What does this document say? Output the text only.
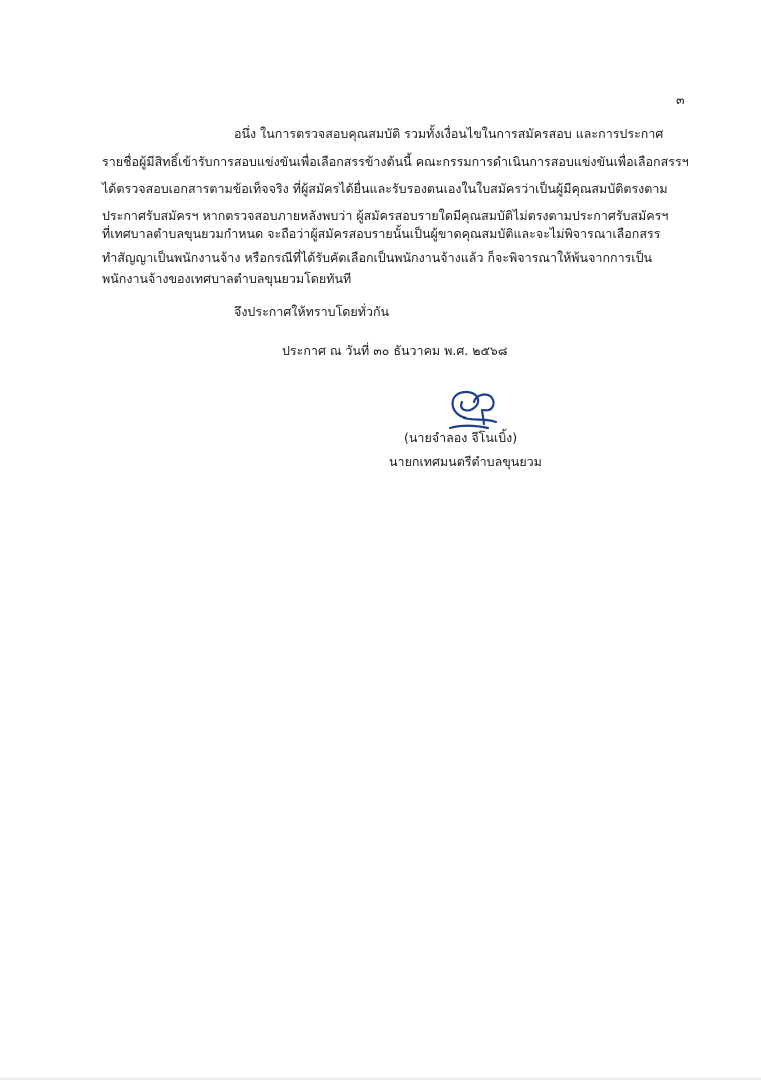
๓
อนึ่ง ในการตรวจสอบคุณสมบัติ รวมทั้งเงื่อนไขในการสมัครสอบ และการประกาศ
รายชื่อผู้มีสิทธิ์เข้ารับการสอบแข่งขันเพื่อเลือกสรรข้างต้นนี้ คณะกรรมการดำเนินการสอบแข่งขันเพื่อเลือกสรรฯ
ได้ตรวจสอบเอกสารตามข้อเท็จจริง ที่ผู้สมัครได้ยื่นและรับรองตนเองในใบสมัครว่าเป็นผู้มีคุณสมบัติตรงตาม
ประกาศรับสมัครฯ หากตรวจสอบภายหลังพบว่า ผู้สมัครสอบรายใดมีคุณสมบัติไม่ตรงตามประกาศรับสมัครฯ
ที่เทศบาลตำบลขุนยวมกำหนด จะถือว่าผู้สมัครสอบรายนั้นเป็นผู้ขาดคุณสมบัติและจะไม่พิจารณาเลือกสรร
ทำสัญญาเป็นพนักงานจ้าง หรือกรณีที่ได้รับคัดเลือกเป็นพนักงานจ้างแล้ว ก็จะพิจารณาให้พ้นจากการเป็น
พนักงานจ้างของเทศบาลตำบลขุนยวมโดยทันที
จึงประกาศให้ทราบโดยทั่วกัน
ประกาศ ณ วันที่ ๓๐ ธันวาคม พ.ศ. ๒๕๖๘
(นายจำลอง จีโนเบิ้ง)
นายกเทศมนตรีตำบลขุนยวม
